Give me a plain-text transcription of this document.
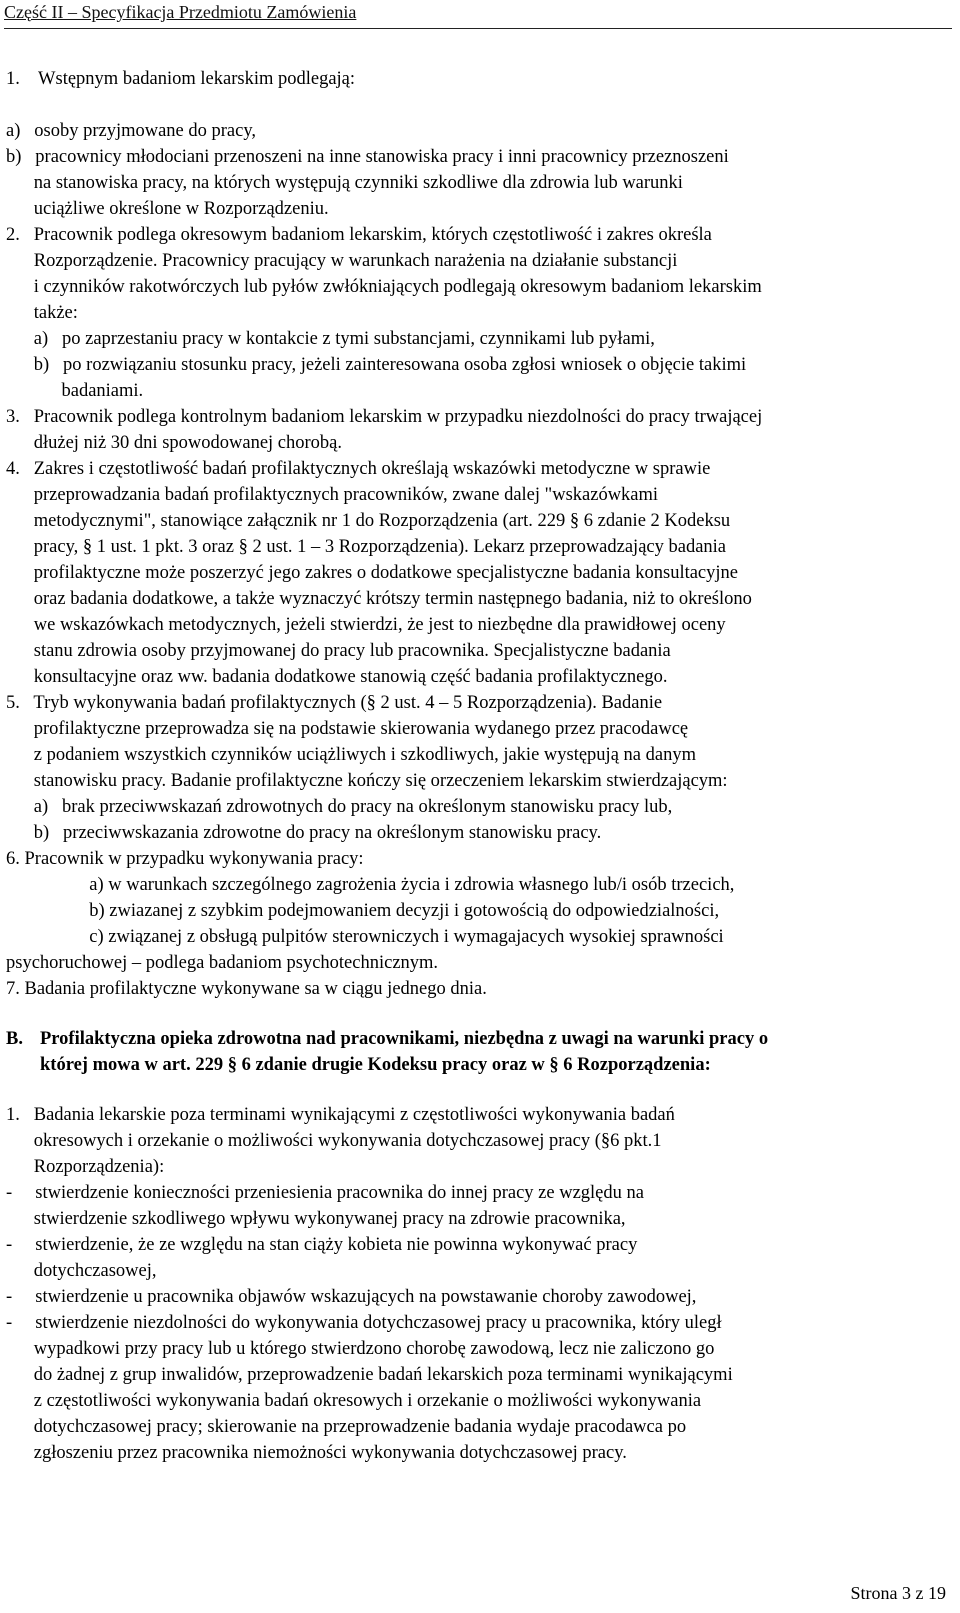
Część II – Specyfikacja Przedmiotu Zamówienia
1.    Wstępnym badaniom lekarskim podlegają:
a)   osoby przyjmowane do pracy,
b)   pracownicy młodociani przenoszeni na inne stanowiska pracy i inni pracownicy przeznoszeni
na stanowiska pracy, na których występują czynniki szkodliwe dla zdrowia lub warunki
uciążliwe określone w Rozporządzeniu.
2.   Pracownik podlega okresowym badaniom lekarskim, których częstotliwość i zakres określa
Rozporządzenie. Pracownicy pracujący w warunkach narażenia na działanie substancji
i czynników rakotwórczych lub pyłów zwłókniających podlegają okresowym badaniom lekarskim
także:
a)   po zaprzestaniu pracy w kontakcie z tymi substancjami, czynnikami lub pyłami,
b)   po rozwiązaniu stosunku pracy, jeżeli zainteresowana osoba zgłosi wniosek o objęcie takimi
badaniami.
3.   Pracownik podlega kontrolnym badaniom lekarskim w przypadku niezdolności do pracy trwającej
dłużej niż 30 dni spowodowanej chorobą.
4.   Zakres i częstotliwość badań profilaktycznych określają wskazówki metodyczne w sprawie
przeprowadzania badań profilaktycznych pracowników, zwane dalej "wskazówkami
metodycznymi", stanowiące załącznik nr 1 do Rozporządzenia (art. 229 § 6 zdanie 2 Kodeksu
pracy, § 1 ust. 1 pkt. 3 oraz § 2 ust. 1 – 3 Rozporządzenia). Lekarz przeprowadzający badania
profilaktyczne może poszerzyć jego zakres o dodatkowe specjalistyczne badania konsultacyjne
oraz badania dodatkowe, a także wyznaczyć krótszy termin następnego badania, niż to określono
we wskazówkach metodycznych, jeżeli stwierdzi, że jest to niezbędne dla prawidłowej oceny
stanu zdrowia osoby przyjmowanej do pracy lub pracownika. Specjalistyczne badania
konsultacyjne oraz ww. badania dodatkowe stanowią część badania profilaktycznego.
5.   Tryb wykonywania badań profilaktycznych (§ 2 ust. 4 – 5 Rozporządzenia). Badanie
profilaktyczne przeprowadza się na podstawie skierowania wydanego przez pracodawcę
z podaniem wszystkich czynników uciążliwych i szkodliwych, jakie występują na danym
stanowisku pracy. Badanie profilaktyczne kończy się orzeczeniem lekarskim stwierdzającym:
a)   brak przeciwwskazań zdrowotnych do pracy na określonym stanowisku pracy lub,
b)   przeciwwskazania zdrowotne do pracy na określonym stanowisku pracy.
6. Pracownik w przypadku wykonywania pracy:
a) w warunkach szczególnego zagrożenia życia i zdrowia własnego lub/i osób trzecich,
b) zwiazanej z szybkim podejmowaniem decyzji i gotowością do odpowiedzialności,
c) związanej z obsługą pulpitów sterowniczych i wymagajacych wysokiej sprawności
psychoruchowej – podlega badaniom psychotechnicznym.
7. Badania profilaktyczne wykonywane sa w ciągu jednego dnia.
B. Profilaktyczna opieka zdrowotna nad pracownikami, niezbędna z uwagi na warunki pracy o
której mowa w art. 229 § 6 zdanie drugie Kodeksu pracy oraz w § 6 Rozporządzenia:
1.   Badania lekarskie poza terminami wynikającymi z częstotliwości wykonywania badań
okresowych i orzekanie o możliwości wykonywania dotychczasowej pracy (§6 pkt.1
Rozporządzenia):
-     stwierdzenie konieczności przeniesienia pracownika do innej pracy ze względu na
stwierdzenie szkodliwego wpływu wykonywanej pracy na zdrowie pracownika,
-     stwierdzenie, że ze względu na stan ciąży kobieta nie powinna wykonywać pracy
dotychczasowej,
-     stwierdzenie u pracownika objawów wskazujących na powstawanie choroby zawodowej,
-     stwierdzenie niezdolności do wykonywania dotychczasowej pracy u pracownika, który uległ
wypadkowi przy pracy lub u którego stwierdzono chorobę zawodową, lecz nie zaliczono go
do żadnej z grup inwalidów, przeprowadzenie badań lekarskich poza terminami wynikającymi
z częstotliwości wykonywania badań okresowych i orzekanie o możliwości wykonywania
dotychczasowej pracy; skierowanie na przeprowadzenie badania wydaje pracodawca po
zgłoszeniu przez pracownika niemożności wykonywania dotychczasowej pracy.
Strona 3 z 19
